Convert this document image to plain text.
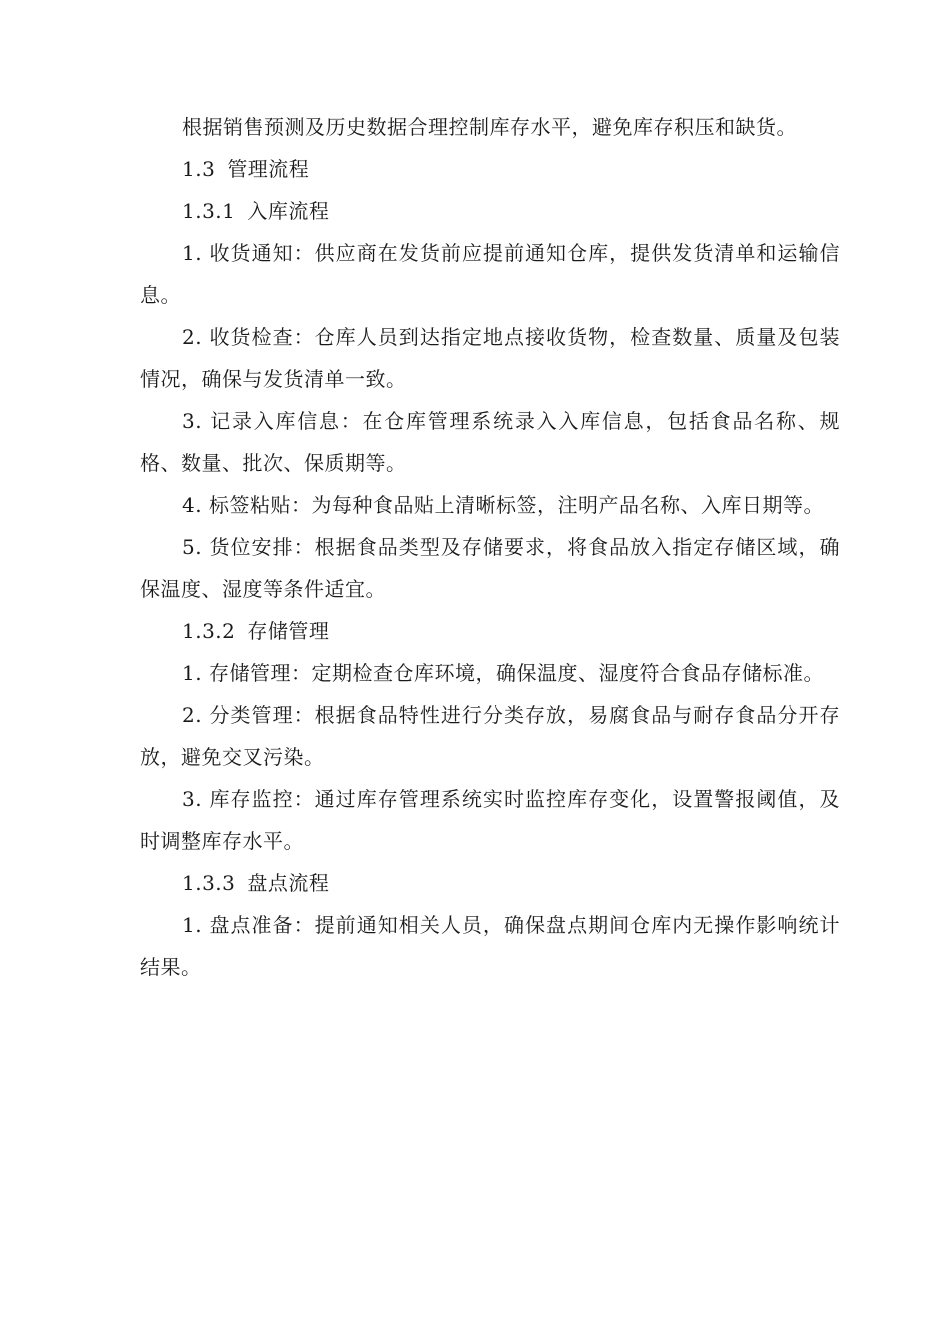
根据销售预测及历史数据合理控制库存水平，避免库存积压和缺货。

1.3 管理流程

1.3.1 入库流程

1. 收货通知：供应商在发货前应提前通知仓库，提供发货清单和运输信息。

2. 收货检查：仓库人员到达指定地点接收货物，检查数量、质量及包装情况，确保与发货清单一致。

3. 记录入库信息：在仓库管理系统录入入库信息，包括食品名称、规格、数量、批次、保质期等。

4. 标签粘贴：为每种食品贴上清晰标签，注明产品名称、入库日期等。

5. 货位安排：根据食品类型及存储要求，将食品放入指定存储区域，确保温度、湿度等条件适宜。

1.3.2 存储管理

1. 存储管理：定期检查仓库环境，确保温度、湿度符合食品存储标准。

2. 分类管理：根据食品特性进行分类存放，易腐食品与耐存食品分开存放，避免交叉污染。

3. 库存监控：通过库存管理系统实时监控库存变化，设置警报阈值，及时调整库存水平。

1.3.3 盘点流程

1. 盘点准备：提前通知相关人员，确保盘点期间仓库内无操作影响统计结果。
